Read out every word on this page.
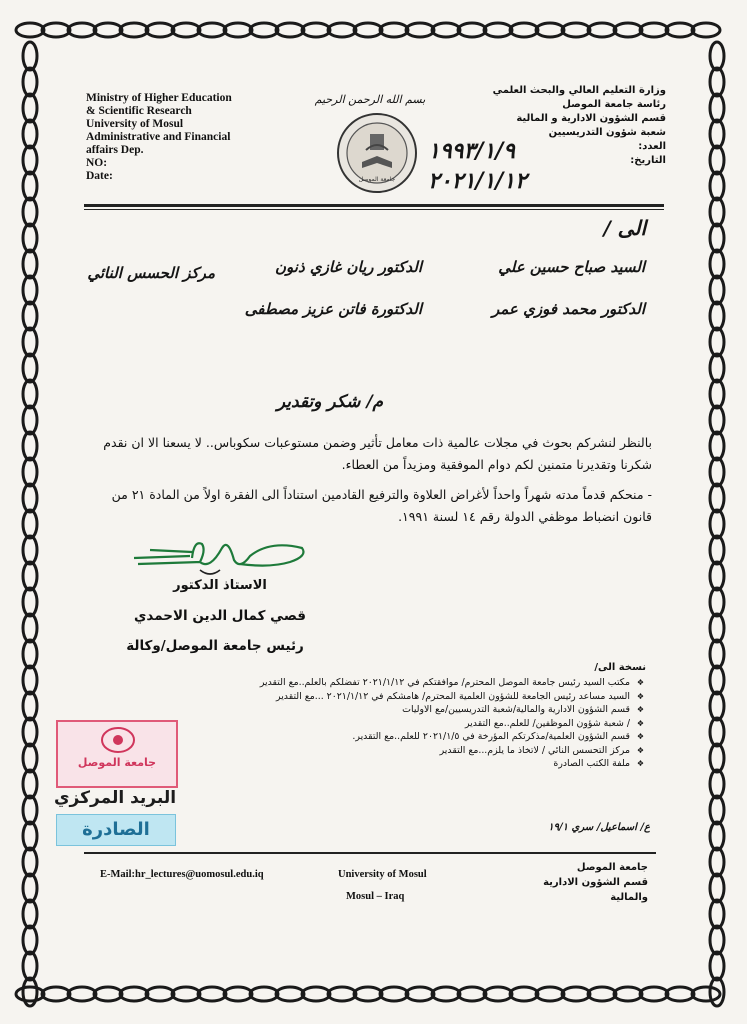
Ministry of Higher Education
& Scientific Research
University of Mosul
Administrative and Financial
affairs Dep.
NO:
Date:
بسم الله الرحمن الرحيم
جامعة الموصل
وزارة التعليم العالي والبحث العلمي
رئاسة جامعة الموصل
قسم الشؤون الادارية و المالية
شعبة شؤون التدريسيين
العدد:
التاريخ:
١٩٩٣/١/٩
٢٠٢١/١/١٢
الى /
السيد صباح حسين علي
الدكتور ريان غازي ذنون
مركز الحسس النائي
الدكتور محمد فوزي عمر
الدكتورة فاتن عزيز مصطفى
م/ شكر وتقدير
بالنظر لنشركم بحوث في مجلات عالمية ذات معامل تأثير وضمن مستوعبات سكوباس.. لا يسعنا الا ان نقدم شكرنا وتقديرنا متمنين لكم دوام الموفقية ومزيداً من العطاء.
- منحكم قدماً مدته شهراً واحداً لأغراض العلاوة والترفيع القادمين استناداً الى الفقرة اولاً من المادة ٢١ من قانون انضباط موظفي الدولة رقم ١٤ لسنة ١٩٩١.
الاستاذ الدكتور
قصي كمال الدين الاحمدي
رئيس جامعة الموصل/وكالة
نسخة الى/
❖ مكتب السيد رئيس جامعة الموصل المحترم/ موافقتكم في ٢٠٢١/١/١٢ تفضلكم بالعلم..مع التقدير
❖ السيد مساعد رئيس الجامعة للشؤون العلمية المحترم/ هامشكم في ٢٠٢١/١/١٢ ...مع التقدير
❖ قسم الشؤون الادارية والمالية/شعبة التدريسيين/مع الاوليات
❖ / شعبة شؤون الموظفين/ للعلم..مع التقدير
❖ قسم الشؤون العلمية/مذكرتكم المؤرخة في ٢٠٢١/١/٥ للعلم..مع التقدير.
❖ مركز التحسس النائي / لاتخاذ ما يلزم...مع التقدير
❖ ملفة الكتب الصادرة
جامعة الموصل
البريد المركزي
الصادرة	ع/ اسماعيل/ سري ١٩/١
E-Mail:hr_lectures@uomosul.edu.iq	University of Mosul
Mosul – Iraq
جامعة الموصل
قسم الشؤون الادارية
والمالية
